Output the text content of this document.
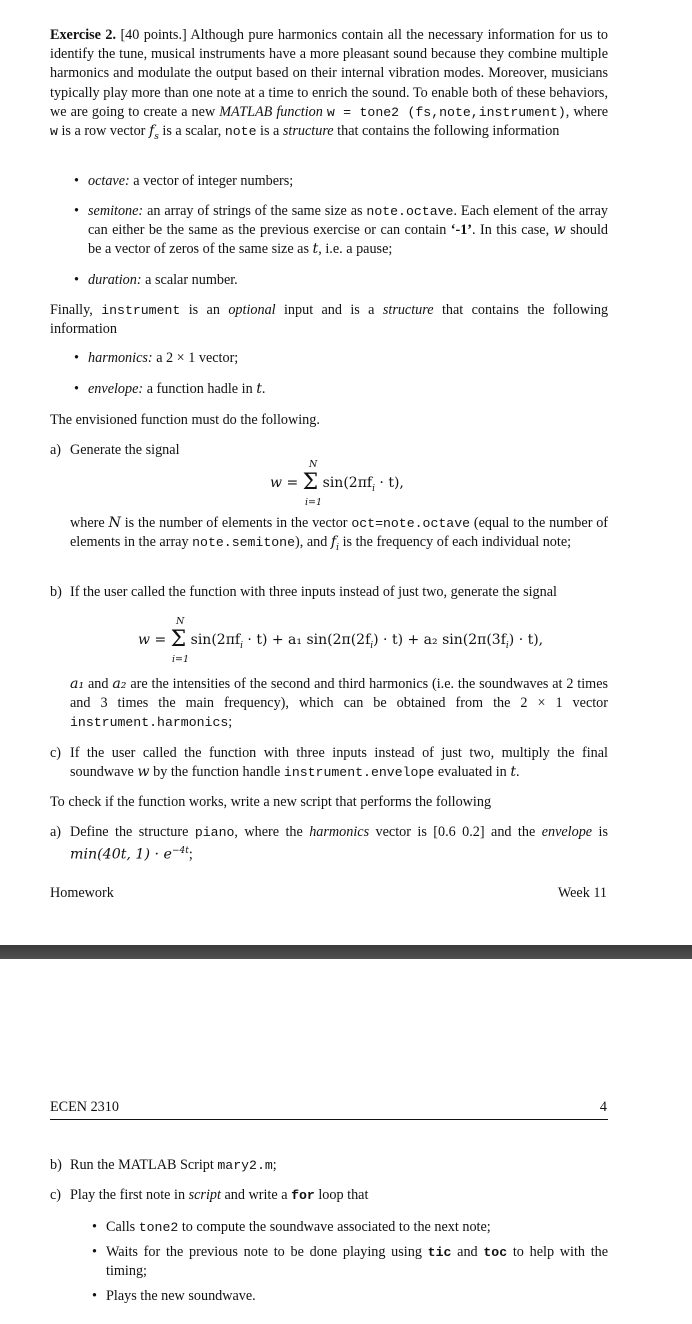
Exercise 2. [40 points.] Although pure harmonics contain all the necessary information for us to identify the tune, musical instruments have a more pleasant sound because they combine multiple harmonics and modulate the output based on their internal vibration modes. Moreover, musicians typically play more than one note at a time to enrich the sound. To enable both of these behaviors, we are going to create a new MATLAB function w = tone2 (fs,note,instrument), where w is a row vector $f_s$ is a scalar, note is a structure that contains the following information
• octave: a vector of integer numbers;
• semitone: an array of strings of the same size as note.octave. Each element of the array can either be the same as the previous exercise or can contain ‘-1’. In this case, w should be a vector of zeros of the same size as t, i.e. a pause;
• duration: a scalar number.
Finally, instrument is an optional input and is a structure that contains the following information
• harmonics: a 2 × 1 vector;
• envelope: a function hadle in t.
The envisioned function must do the following.
a) Generate the signal
w = Σ $\sin(2\pi f_i \cdot t)$,
N
i=1
where N is the number of elements in the vector oct=note.octave (equal to the number of elements in the array note.semitone), and $f_i$ is the frequency of each individual note;
b) If the user called the function with three inputs instead of just two, generate the signal
w = Σ $\sin(2\pi f_i \cdot t) + a_1$ $\sin(2\pi(2f_i) \cdot t) + a_2$ $\sin(2\pi(3f_i) \cdot t)$,
N
i=1
a₁ and a₂ are the intensities of the second and third harmonics (i.e. the soundwaves at 2 times and 3 times the main frequency), which can be obtained from the 2 × 1 vector instrument.harmonics;
c) If the user called the function with three inputs instead of just two, multiply the final soundwave w by the function handle instrument.envelope evaluated in t.
To check if the function works, write a new script that performs the following
a) Define the structure piano, where the harmonics vector is [0.6 0.2] and the envelope is min(40t, $1) \cdot e^{-4t}$;
Homework	Week 11
ECEN 2310	4
b) Run the MATLAB Script mary2.m;
c) Play the first note in script and write a for loop that
• Calls tone2 to compute the soundwave associated to the next note;
• Waits for the previous note to be done playing using tic and toc to help with the timing;
• Plays the new soundwave.
